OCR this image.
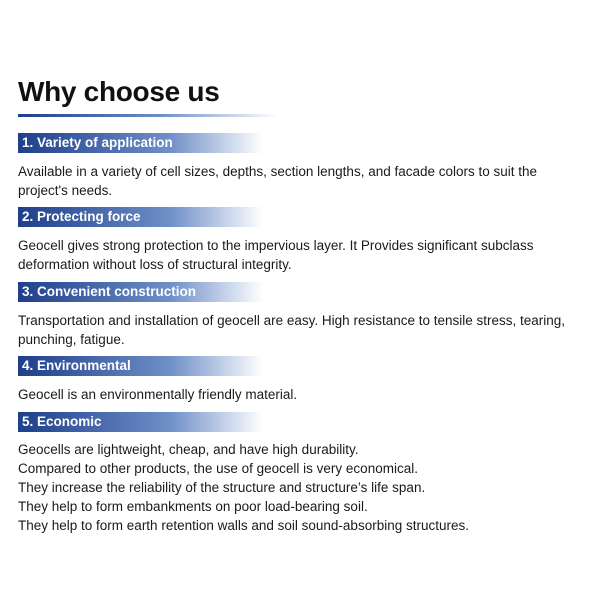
Why choose us
1. Variety of application

Available in a variety of cell sizes, depths, section lengths, and facade colors to suit the project's needs.

2. Protecting force

Geocell gives strong protection to the impervious layer. It Provides significant subclass deformation without loss of structural integrity.

3. Convenient construction

Transportation and installation of geocell are easy. High resistance to tensile stress, tearing, punching, fatigue.

4. Environmental

Geocell is an environmentally friendly material.

5. Economic
Geocells are lightweight, cheap, and have high durability.
Compared to other products, the use of geocell is very economical.
They increase the reliability of the structure and structure’s life span.
They help to form embankments on poor load-bearing soil.
They help to form earth retention walls and soil sound-absorbing structures.
